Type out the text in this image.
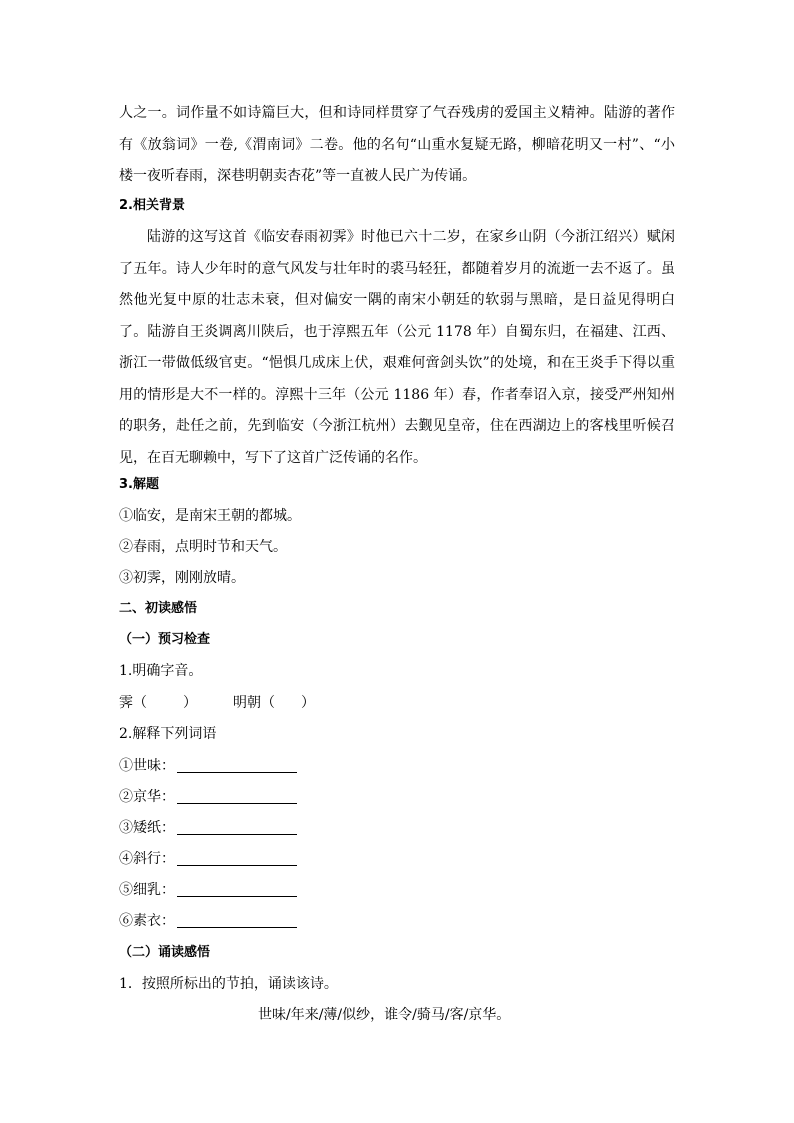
人之一。词作量不如诗篇巨大，但和诗同样贯穿了气吞残虏的爱国主义精神。陆游的著作有《放翁词》一卷,《渭南词》二卷。他的名句“山重水复疑无路，柳暗花明又一村”、“小楼一夜听春雨，深巷明朝卖杏花”等一直被人民广为传诵。

2.相关背景

陆游的这写这首《临安春雨初霁》时他已六十二岁，在家乡山阴（今浙江绍兴）赋闲了五年。诗人少年时的意气风发与壮年时的裘马轻狂，都随着岁月的流逝一去不返了。虽然他光复中原的壮志未衰，但对偏安一隅的南宋小朝廷的软弱与黑暗，是日益见得明白了。陆游自王炎调离川陕后，也于淳熙五年（公元 1178 年）自蜀东归，在福建、江西、浙江一带做低级官吏。“悒惧几成床上伏，艰难何啻剑头饮”的处境，和在王炎手下得以重用的情形是大不一样的。淳熙十三年（公元 1186 年）春，作者奉诏入京，接受严州知州的职务，赴任之前，先到临安（今浙江杭州）去觐见皇帝，住在西湖边上的客栈里听候召见，在百无聊赖中，写下了这首广泛传诵的名作。

3.解题

①临安，是南宋王朝的都城。

②春雨，点明时节和天气。

③初霁，刚刚放晴。

二、初读感悟

（一）预习检查

1.明确字音。

霁（	）	明朝（ ）

2.解释下列词语

①世味：

②京华：

③矮纸：

④斜行：

⑤细乳：

⑥素衣：

（二）诵读感悟

1．按照所标出的节拍，诵读该诗。

世味/年来/薄/似纱，谁令/骑马/客/京华。
